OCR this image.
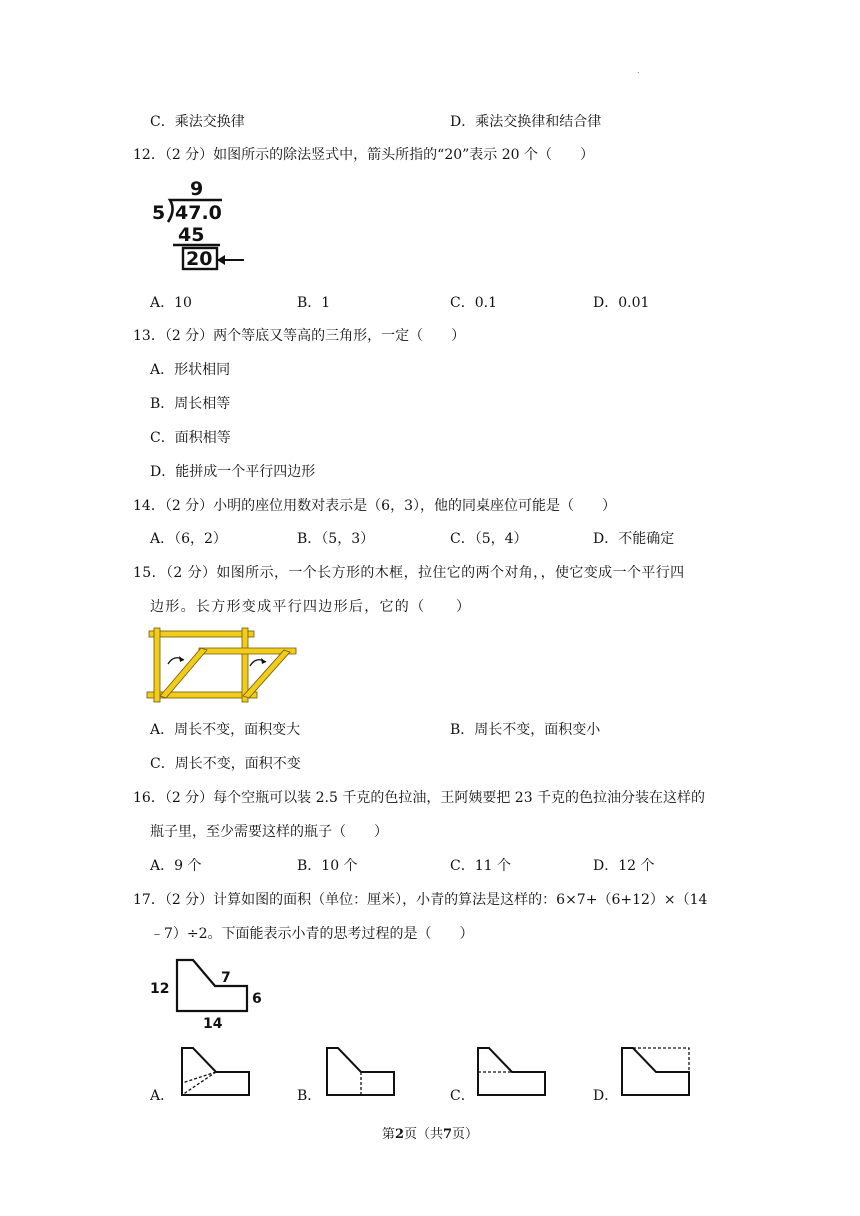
.
C．乘法交换律	D．乘法交换律和结合律
12．（2 分）如图所示的除法竖式中，箭头所指的“20”表示 20 个（　　）
9
5 47.0
45
20
A．10	B．1	C．0.1	D．0.01
13．（2 分）两个等底又等高的三角形，一定（　　）
A．形状相同
B．周长相等
C．面积相等
D．能拼成一个平行四边形
14．（2 分）小明的座位用数对表示是（6，3），他的同桌座位可能是（　　）
A．（6，2）	B．（5，3）	C．（5，4）	D．不能确定
15．（2 分）如图所示，一个长方形的木框，拉住它的两个对角，，使它变成一个平行四
边形。长方形变成平行四边形后，它的（　　）
A．周长不变，面积变大	B．周长不变，面积变小
C．周长不变，面积不变
16．（2 分）每个空瓶可以装 2.5 千克的色拉油，王阿姨要把 23 千克的色拉油分装在这样的
瓶子里，至少需要这样的瓶子（　　）
A．9 个	B．10 个	C．11 个	D．12 个
17．（2 分）计算如图的面积（单位：厘米），小青的算法是这样的：6×7+（6+12）×（14
﹣7）÷2。下面能表示小青的思考过程的是（　　）
12
7
6
14
A．	B．	C．	D．
第2页（共7页）
